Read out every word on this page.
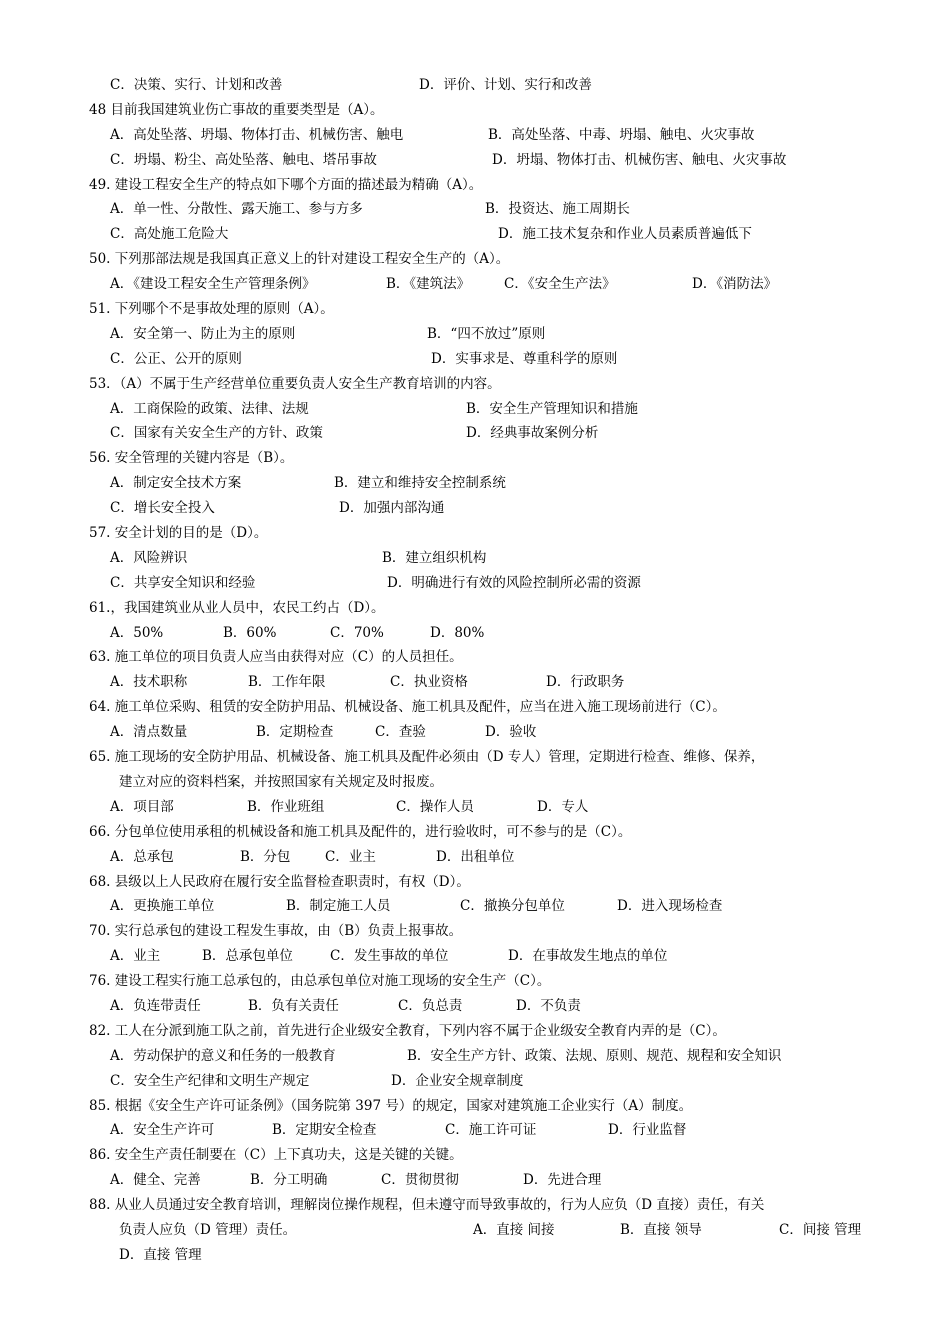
C．决策、实行、计划和改善	D．评价、计划、实行和改善
48 目前我国建筑业伤亡事故的重要类型是（A）。
A．高处坠落、坍塌、物体打击、机械伤害、触电	B．高处坠落、中毒、坍塌、触电、火灾事故
C．坍塌、粉尘、高处坠落、触电、塔吊事故	D．坍塌、物体打击、机械伤害、触电、火灾事故
49. 建设工程安全生产的特点如下哪个方面的描述最为精确（A）。
A．单一性、分散性、露天施工、参与方多	B．投资达、施工周期长
C．高处施工危险大	D．施工技术复杂和作业人员素质普遍低下
50. 下列那部法规是我国真正意义上的针对建设工程安全生产的（A）。
A．《建设工程安全生产管理条例》	B．《建筑法》	C．《安全生产法》	D．《消防法》
51. 下列哪个不是事故处理的原则（A）。
A．安全第一、防止为主的原则	B．“四不放过”原则
C．公正、公开的原则	D．实事求是、尊重科学的原则
53．（A）不属于生产经营单位重要负责人安全生产教育培训的内容。
A．工商保险的政策、法律、法规	B．安全生产管理知识和措施
C．国家有关安全生产的方针、政策	D．经典事故案例分析
56. 安全管理的关键内容是（B）。
A．制定安全技术方案	B．建立和维持安全控制系统
C．增长安全投入	D．加强内部沟通
57. 安全计划的目的是（D）。
A．风险辨识	B．建立组织机构
C．共享安全知识和经验	D．明确进行有效的风险控制所必需的资源
61.，我国建筑业从业人员中，农民工约占（D）。
A．50%	B．60%	C．70%	D．80%
63. 施工单位的项目负责人应当由获得对应（C）的人员担任。
A．技术职称	B．工作年限	C．执业资格	D．行政职务
64. 施工单位采购、租赁的安全防护用品、机械设备、施工机具及配件，应当在进入施工现场前进行（C）。
A．清点数量	B．定期检查	C．查验	D．验收
65. 施工现场的安全防护用品、机械设备、施工机具及配件必须由（D 专人）管理，定期进行检查、维修、保养，
建立对应的资料档案，并按照国家有关规定及时报废。
A．项目部	B．作业班组	C．操作人员	D．专人
66. 分包单位使用承租的机械设备和施工机具及配件的，进行验收时，可不参与的是（C）。
A．总承包	B．分包	C．业主	D．出租单位
68. 县级以上人民政府在履行安全监督检查职责时，有权（D）。
A．更换施工单位	B．制定施工人员	C．撤换分包单位	D．进入现场检查
70. 实行总承包的建设工程发生事故，由（B）负责上报事故。
A．业主	B．总承包单位	C．发生事故的单位	D．在事故发生地点的单位
76. 建设工程实行施工总承包的，由总承包单位对施工现场的安全生产（C）。
A．负连带责任	B．负有关责任	C．负总责	D．不负责
82. 工人在分派到施工队之前，首先进行企业级安全教育，下列内容不属于企业级安全教育内弄的是（C）。
A．劳动保护的意义和任务的一般教育	B．安全生产方针、政策、法规、原则、规范、规程和安全知识
C．安全生产纪律和文明生产规定	D．企业安全规章制度
85. 根据《安全生产许可证条例》（国务院第 397 号）的规定，国家对建筑施工企业实行（A）制度。
A．安全生产许可	B．定期安全检查	C．施工许可证	D．行业监督
86. 安全生产责任制要在（C）上下真功夫，这是关键的关键。
A．健全、完善	B．分工明确	C．贯彻贯彻	D．先进合理
88. 从业人员通过安全教育培训，理解岗位操作规程，但未遵守而导致事故的，行为人应负（D 直接）责任，有关
负责人应负（D 管理）责任。	A．直接 间接	B．直接 领导	C．间接 管理
D．直接 管理
